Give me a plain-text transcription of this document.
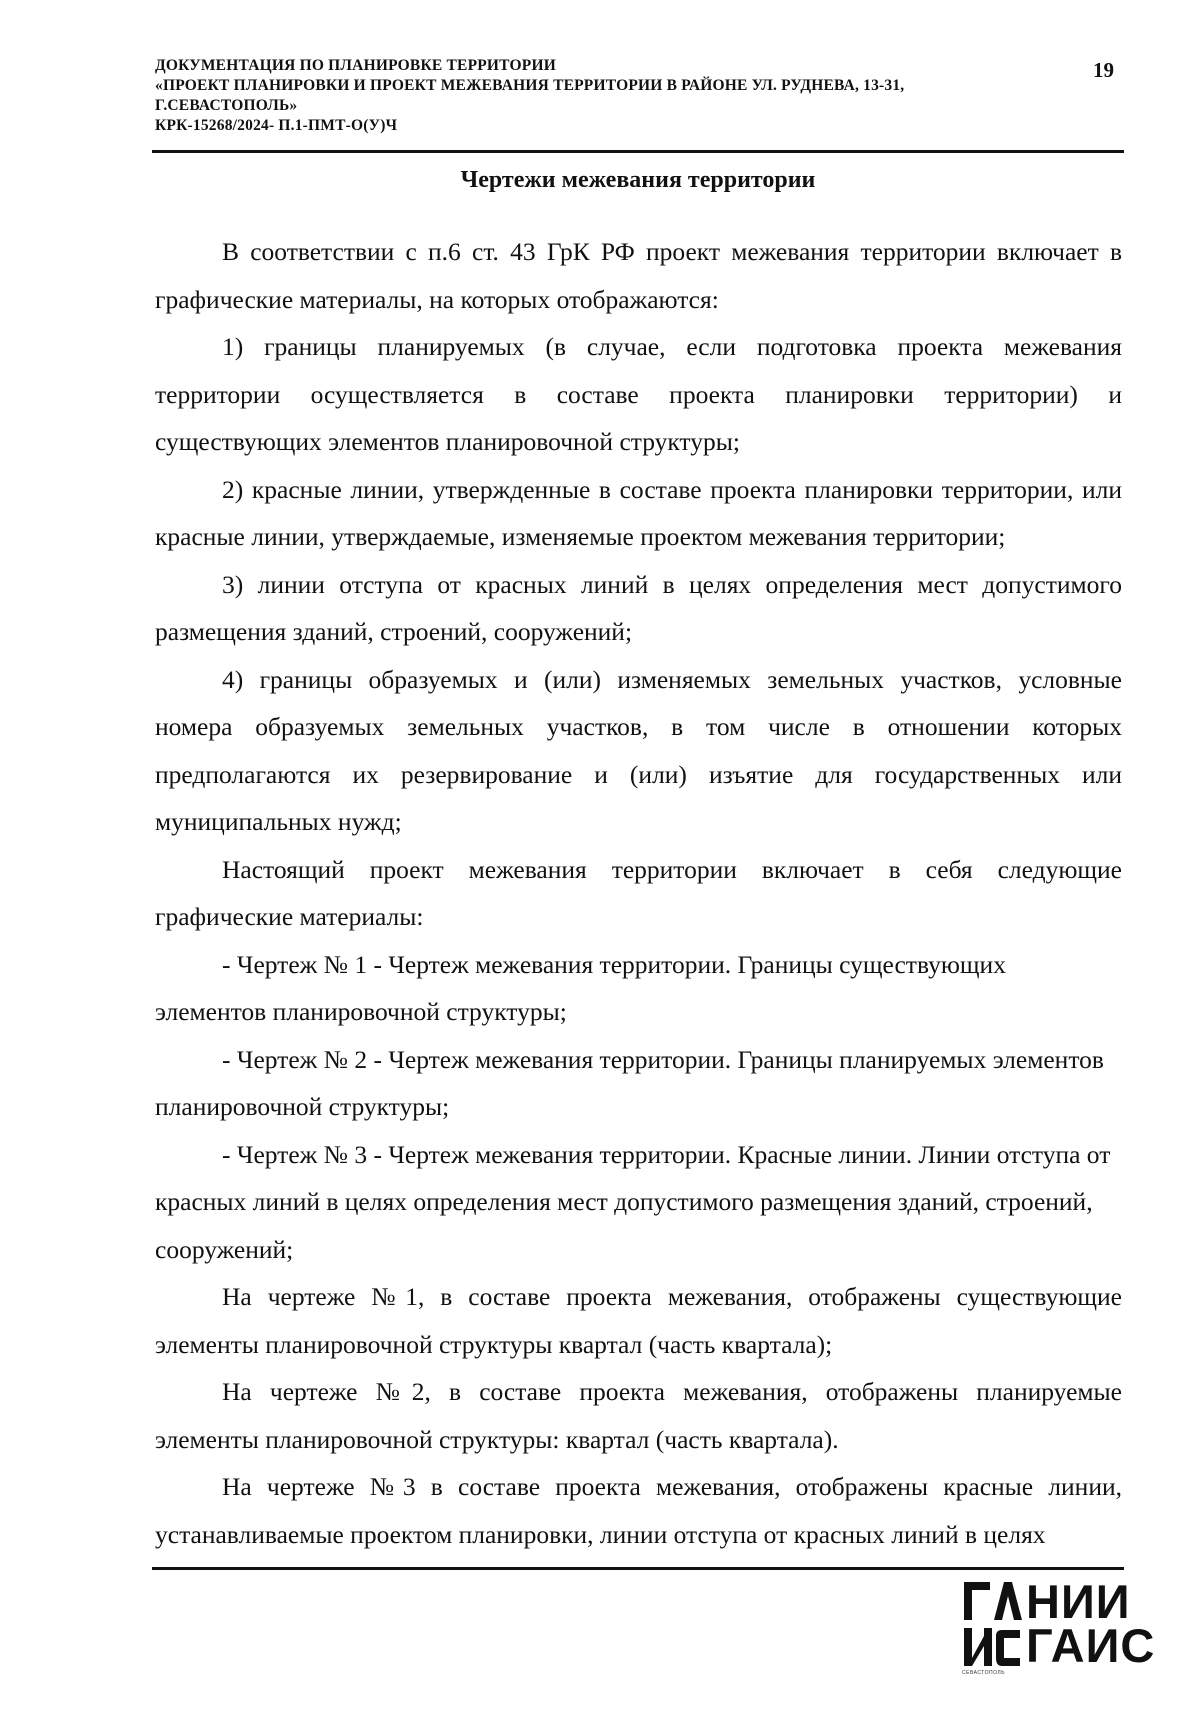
ДОКУМЕНТАЦИЯ ПО ПЛАНИРОВКЕ ТЕРРИТОРИИ
«ПРОЕКТ ПЛАНИРОВКИ И ПРОЕКТ МЕЖЕВАНИЯ ТЕРРИТОРИИ В РАЙОНЕ УЛ. РУДНЕВА, 13-31,
Г.СЕВАСТОПОЛЬ»
КРК-15268/2024- П.1-ПМТ-О(У)Ч
19
Чертежи межевания территории

В соответствии с п.6 ст. 43 ГрК РФ проект межевания территории включает в графические материалы, на которых отображаются:

1) границы планируемых (в случае, если подготовка проекта межевания территории осуществляется в составе проекта планировки территории) и существующих элементов планировочной структуры;

2) красные линии, утвержденные в составе проекта планировки территории, или красные линии, утверждаемые, изменяемые проектом межевания территории;

3) линии отступа от красных линий в целях определения мест допустимого размещения зданий, строений, сооружений;

4) границы образуемых и (или) изменяемых земельных участков, условные номера образуемых земельных участков, в том числе в отношении которых предполагаются их резервирование и (или) изъятие для государственных или муниципальных нужд;

Настоящий проект межевания территории включает в себя следующие графические материалы:

- Чертеж № 1 - Чертеж межевания территории. Границы существующих элементов планировочной структуры;

- Чертеж № 2 - Чертеж межевания территории. Границы планируемых элементов планировочной структуры;

- Чертеж № 3 - Чертеж межевания территории. Красные линии. Линии отступа от красных линий в целях определения мест допустимого размещения зданий, строений, сооружений;

На чертеже №1, в составе проекта межевания, отображены существующие элементы планировочной структуры квартал (часть квартала);

На чертеже №2, в составе проекта межевания, отображены планируемые элементы планировочной структуры: квартал (часть квартала).

На чертеже №3 в составе проекта межевания, отображены красные линии, устанавливаемые проектом планировки, линии отступа от красных линий в целях

НИИ
ГАИС
СЕВАСТОПОЛЬ
